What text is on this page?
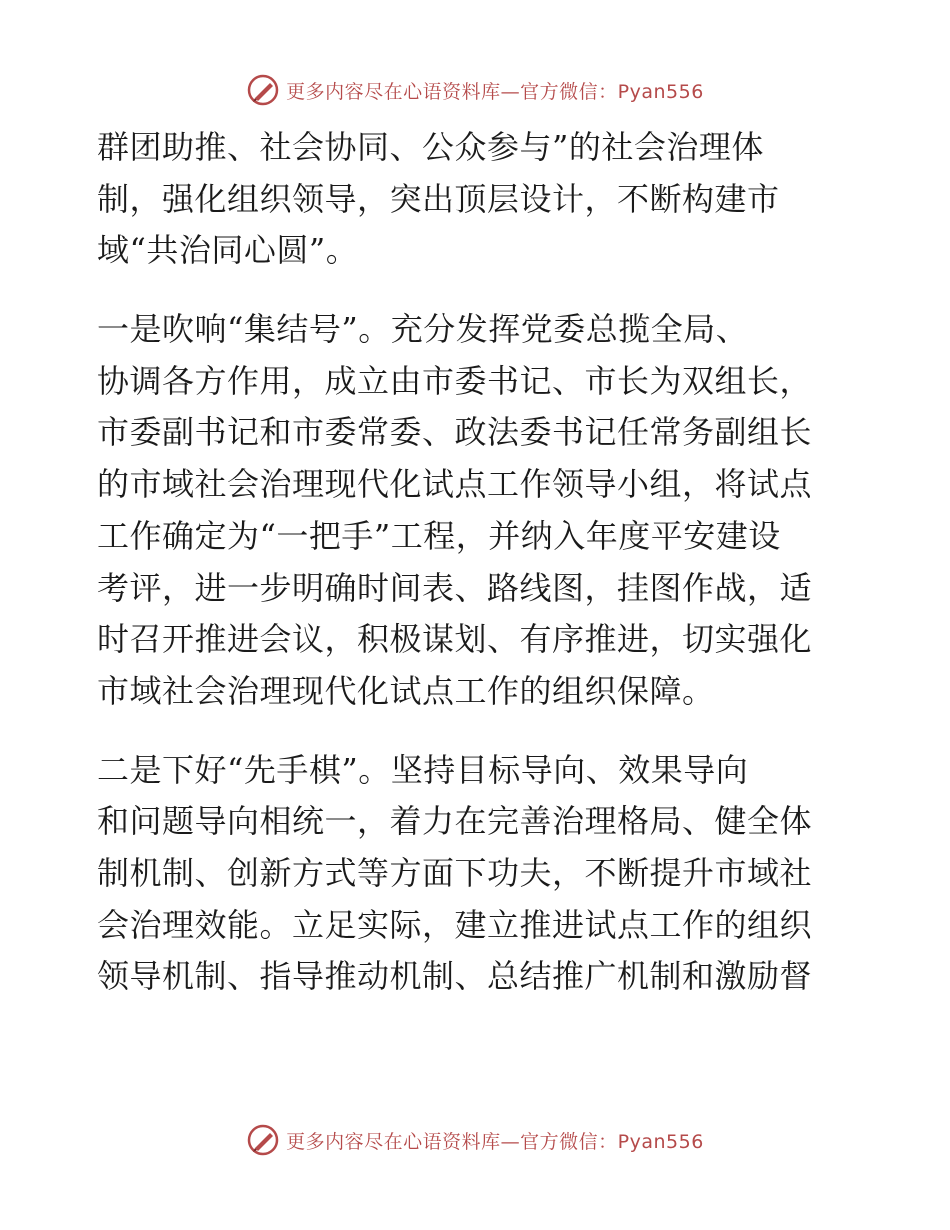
更多内容尽在心语资料库—官方微信：Pyan556

群团助推、社会协同、公众参与”的社会治理体
制，强化组织领导，突出顶层设计，不断构建市
域“共治同心圆”。

一是吹响“集结号”。充分发挥党委总揽全局、
协调各方作用，成立由市委书记、市长为双组长，
市委副书记和市委常委、政法委书记任常务副组长
的市域社会治理现代化试点工作领导小组，将试点
工作确定为“一把手”工程，并纳入年度平安建设
考评，进一步明确时间表、路线图，挂图作战，适
时召开推进会议，积极谋划、有序推进，切实强化
市域社会治理现代化试点工作的组织保障。

二是下好“先手棋”。坚持目标导向、效果导向
和问题导向相统一，着力在完善治理格局、健全体
制机制、创新方式等方面下功夫，不断提升市域社
会治理效能。立足实际，建立推进试点工作的组织
领导机制、指导推动机制、总结推广机制和激励督

更多内容尽在心语资料库—官方微信：Pyan556
